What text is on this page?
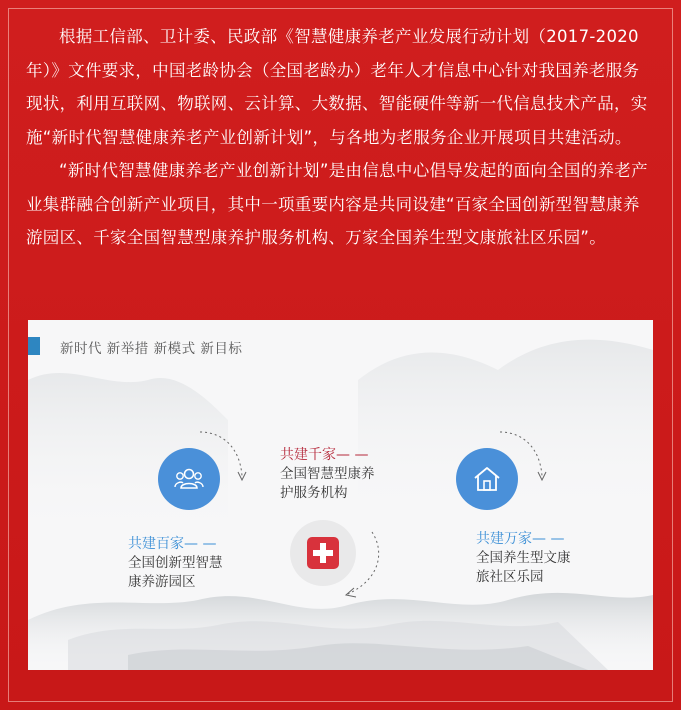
根据工信部、卫计委、民政部《智慧健康养老产业发展行动计划（2017-2020年）》文件要求，中国老龄协会（全国老龄办）老年人才信息中心针对我国养老服务现状，利用互联网、物联网、云计算、大数据、智能硬件等新一代信息技术产品，实施“新时代智慧健康养老产业创新计划”，与各地为老服务企业开展项目共建活动。

“新时代智慧健康养老产业创新计划”是由信息中心倡导发起的面向全国的养老产业集群融合创新产业项目，其中一项重要内容是共同设建“百家全国创新型智慧康养游园区、千家全国智慧型康养护服务机构、万家全国养生型文康旅社区乐园”。

新时代 新举措 新模式 新目标
共建百家— —
全国创新型智慧
康养游园区
共建千家— —
全国智慧型康养
护服务机构
共建万家— —
全国养生型文康
旅社区乐园
